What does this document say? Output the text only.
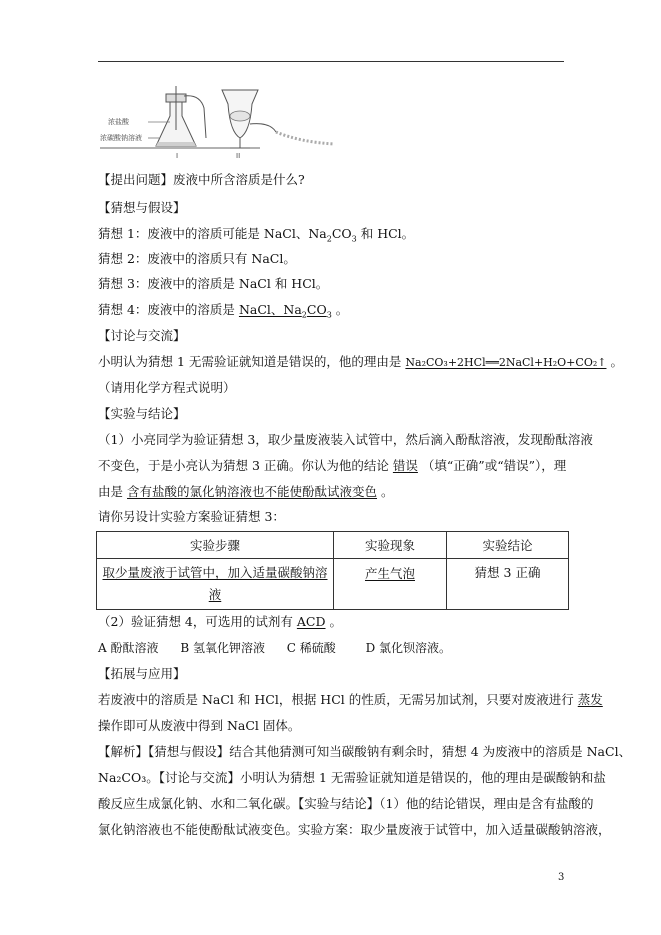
浓盐酸
浓碳酸钠溶液
I	II
【提出问题】废液中所含溶质是什么?
【猜想与假设】
猜想 1：废液中的溶质可能是 NaCl、$Na_2CO_3$ 和 HCl。
猜想 2：废液中的溶质只有 NaCl。
猜想 3：废液中的溶质是 NaCl 和 HCl。
猜想 4：废液中的溶质是 NaCl、$Na_2CO_3$ 。
【讨论与交流】
小明认为猜想 1 无需验证就知道是错误的，他的理由是 Na₂CO₃+2HCl══2NaCl+H₂O+CO₂↑ 。
（请用化学方程式说明）
【实验与结论】
（1）小亮同学为验证猜想 3，取少量废液装入试管中，然后滴入酚酞溶液，发现酚酞溶液
不变色，于是小亮认为猜想 3 正确。你认为他的结论 错误 （填“正确”或“错误”），理
由是 含有盐酸的氯化钠溶液也不能使酚酞试液变色 。
请你另设计实验方案验证猜想 3：
实验步骤	实验现象	实验结论
取少量废液于试管中，加入适量碳酸钠溶
液	产生气泡	猜想 3 正确
（2）验证猜想 4，可选用的试剂有 ACD 。
A 酚酞溶液 B 氢氧化钾溶液 C 稀硫酸 D 氯化钡溶液。
【拓展与应用】
若废液中的溶质是 NaCl 和 HCl，根据 HCl 的性质，无需另加试剂，只要对废液进行 蒸发
操作即可从废液中得到 NaCl 固体。
【解析】【猜想与假设】结合其他猜测可知当碳酸钠有剩余时，猜想 4 为废液中的溶质是 NaCl、
Na₂CO₃。【讨论与交流】小明认为猜想 1 无需验证就知道是错误的，他的理由是碳酸钠和盐
酸反应生成氯化钠、水和二氧化碳。【实验与结论】（1）他的结论错误，理由是含有盐酸的
氯化钠溶液也不能使酚酞试液变色。实验方案：取少量废液于试管中，加入适量碳酸钠溶液，
3
